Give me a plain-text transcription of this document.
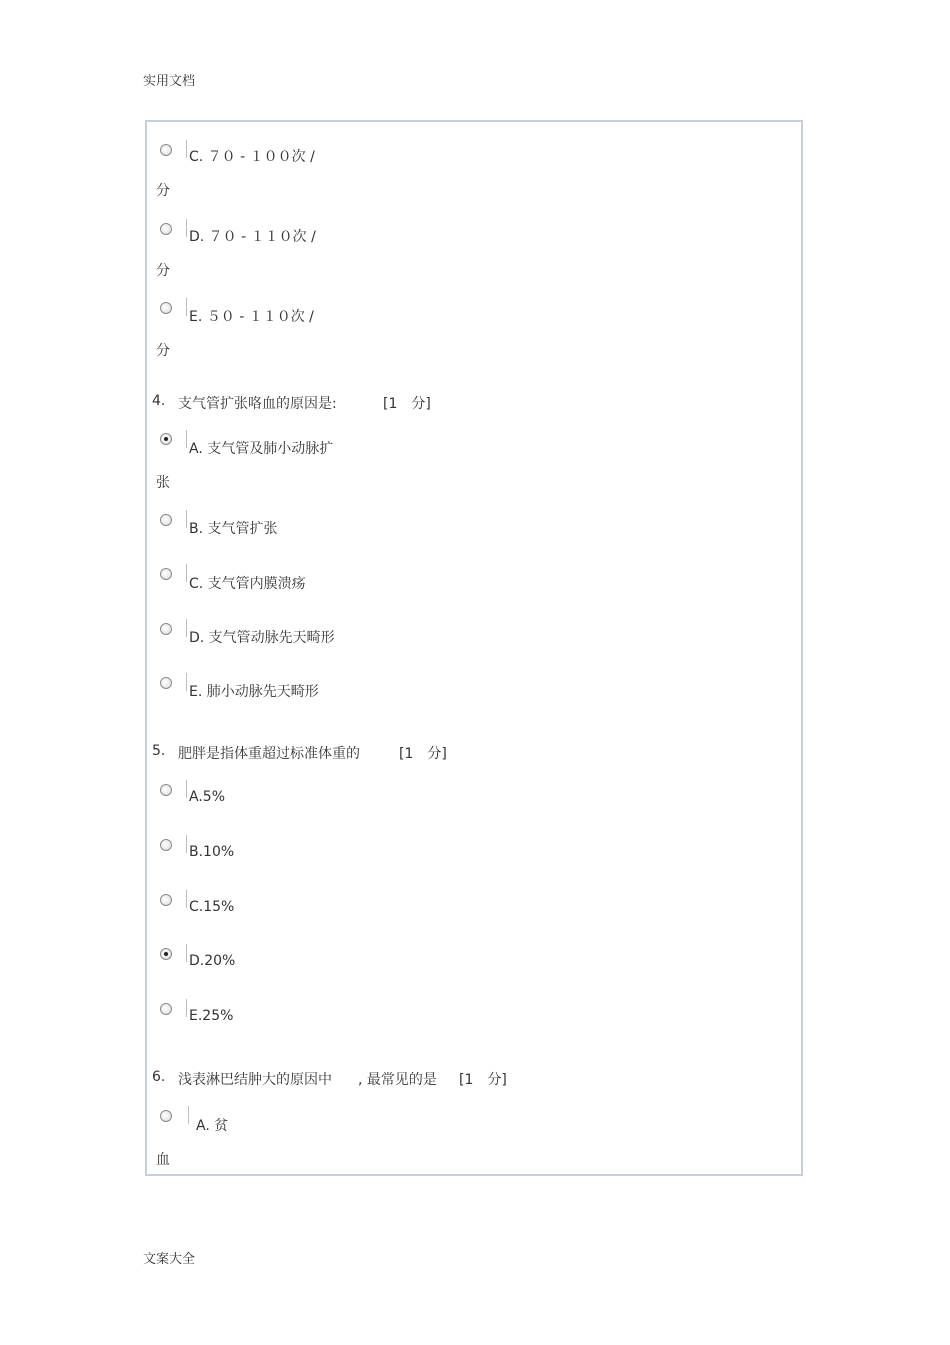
实用文档
C. ７０ - １００次 /
分
D. ７０ - １１０次 /
分
E. ５０ - １１０次 /
分
4. 支气管扩张咯血的原因是:	[1　分]
A. 支气管及肺小动脉扩
张
B. 支气管扩张
C. 支气管内膜溃疡
D. 支气管动脉先天畸形
E. 肺小动脉先天畸形
5. 肥胖是指体重超过标准体重的	[1　分]
A.5%
B.10%
C.15%
D.20%
E.25%
6. 浅表淋巴结肿大的原因中 , 最常见的是 [1　分]
A. 贫
血
文案大全
